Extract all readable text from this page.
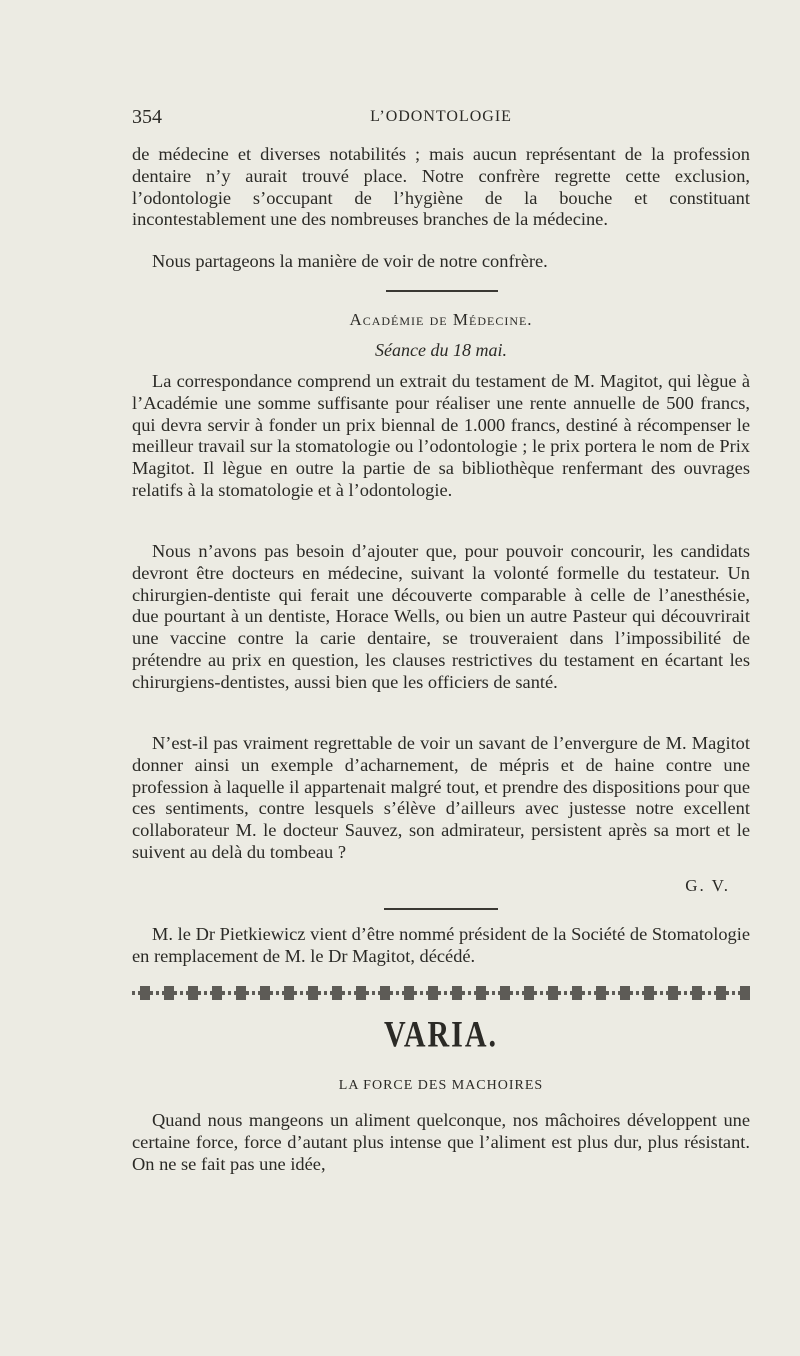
354	L’ODONTOLOGIE

de médecine et diverses notabilités ; mais aucun représentant de la profession dentaire n’y aurait trouvé place. Notre confrère regrette cette exclusion, l’odontologie s’occupant de l’hygiène de la bouche et constituant incontestablement une des nombreuses branches de la médecine.

Nous partageons la manière de voir de notre confrère.

Académie de Médecine.

Séance du 18 mai.

La correspondance comprend un extrait du testament de M. Magitot, qui lègue à l’Académie une somme suffisante pour réaliser une rente annuelle de 500 francs, qui devra servir à fonder un prix biennal de 1.000 francs, destiné à récompenser le meilleur travail sur la stomatologie ou l’odontologie ; le prix portera le nom de Prix Magitot. Il lègue en outre la partie de sa bibliothèque renfermant des ouvrages relatifs à la stomatologie et à l’odontologie.

Nous n’avons pas besoin d’ajouter que, pour pouvoir concourir, les candidats devront être docteurs en médecine, suivant la volonté formelle du testateur. Un chirurgien-dentiste qui ferait une découverte comparable à celle de l’anesthésie, due pourtant à un dentiste, Horace Wells, ou bien un autre Pasteur qui découvrirait une vaccine contre la carie dentaire, se trouveraient dans l’impossibilité de prétendre au prix en question, les clauses restrictives du testament en écartant les chirurgiens-dentistes, aussi bien que les officiers de santé.

N’est-il pas vraiment regrettable de voir un savant de l’envergure de M. Magitot donner ainsi un exemple d’acharnement, de mépris et de haine contre une profession à laquelle il appartenait malgré tout, et prendre des dispositions pour que ces sentiments, contre lesquels s’élève d’ailleurs avec justesse notre excellent collaborateur M. le docteur Sauvez, son admirateur, persistent après sa mort et le suivent au delà du tombeau ?

G. V.

M. le Dr Pietkiewicz vient d’être nommé président de la Société de Stomatologie en remplacement de M. le Dr Magitot, décédé.

VARIA.

LA FORCE DES MACHOIRES

Quand nous mangeons un aliment quelconque, nos mâchoires développent une certaine force, force d’autant plus intense que l’aliment est plus dur, plus résistant. On ne se fait pas une idée,
